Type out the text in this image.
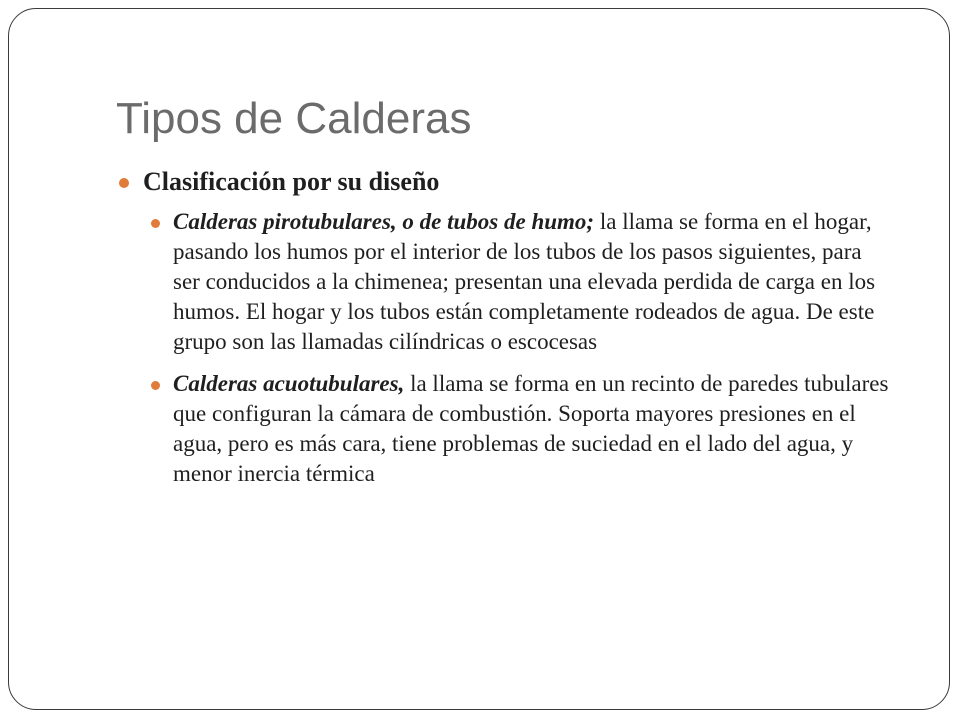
Tipos de Calderas
Clasificación por su diseño
Calderas pirotubulares, o de tubos de humo; la llama se forma en el hogar, pasando los humos por el interior de los tubos de los pasos siguientes, para ser conducidos a la chimenea; presentan una elevada perdida de carga en los humos. El hogar y los tubos están completamente rodeados de agua. De este grupo son las llamadas cilíndricas o escocesas
Calderas acuotubulares, la llama se forma en un recinto de paredes tubulares que configuran la cámara de combustión. Soporta mayores presiones en el agua, pero es más cara, tiene problemas de suciedad en el lado del agua, y menor inercia térmica
